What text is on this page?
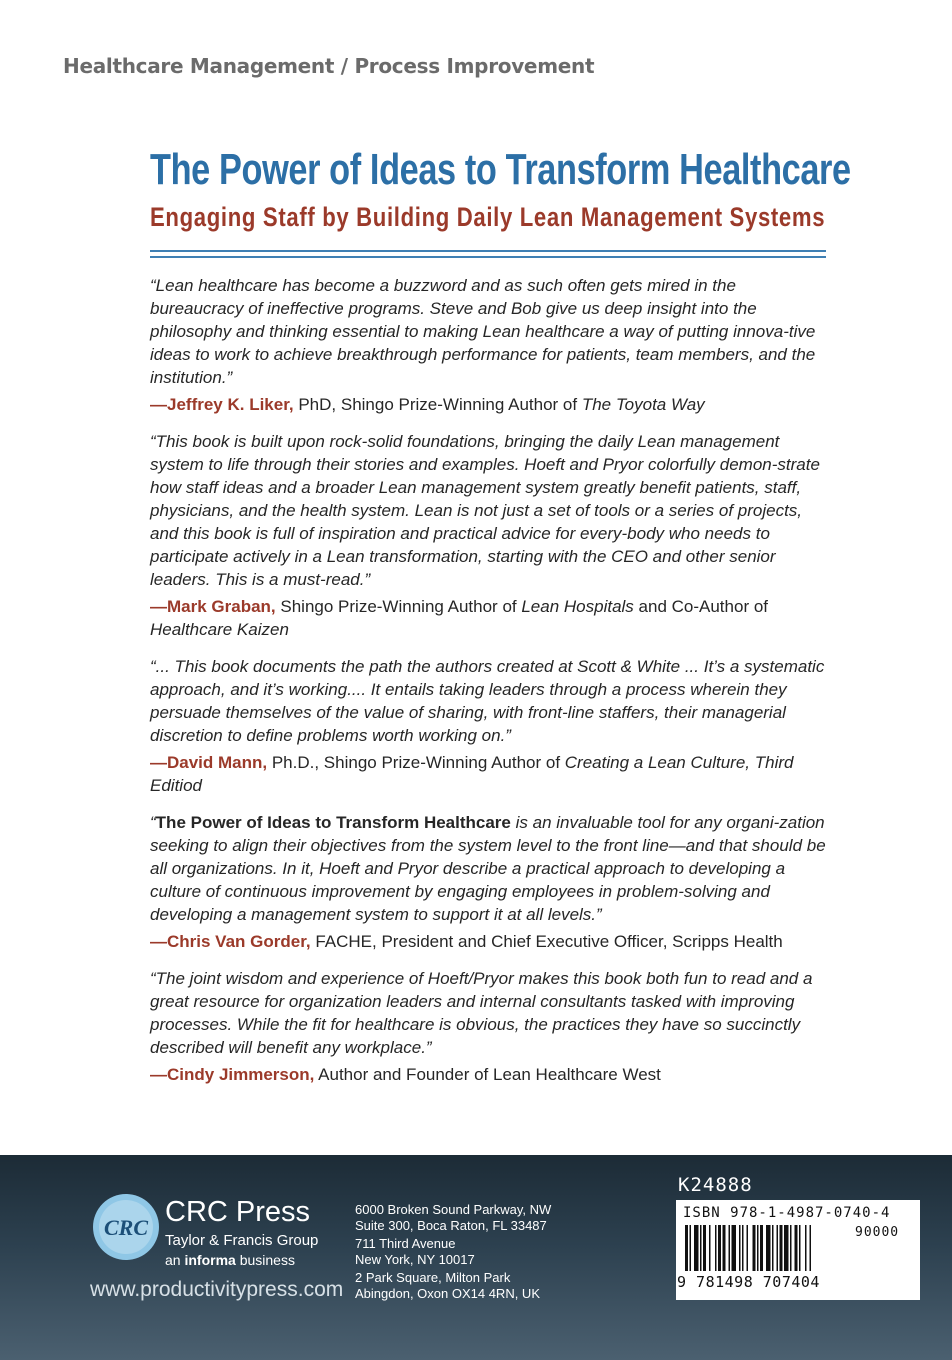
Healthcare Management / Process Improvement
The Power of Ideas to Transform Healthcare
Engaging Staff by Building Daily Lean Management Systems
“Lean healthcare has become a buzzword and as such often gets mired in the bureaucracy of ineffective programs. Steve and Bob give us deep insight into the philosophy and thinking essential to making Lean healthcare a way of putting innova-tive ideas to work to achieve breakthrough performance for patients, team members, and the institution.”
—Jeffrey K. Liker, PhD, Shingo Prize-Winning Author of The Toyota Way
“This book is built upon rock-solid foundations, bringing the daily Lean management system to life through their stories and examples. Hoeft and Pryor colorfully demon-strate how staff ideas and a broader Lean management system greatly benefit patients, staff, physicians, and the health system. Lean is not just a set of tools or a series of projects, and this book is full of inspiration and practical advice for every-body who needs to participate actively in a Lean transformation, starting with the CEO and other senior leaders. This is a must-read.”
—Mark Graban, Shingo Prize-Winning Author of Lean Hospitals and Co-Author of Healthcare Kaizen
“... This book documents the path the authors created at Scott & White ... It’s a systematic approach, and it’s working.... It entails taking leaders through a process wherein they persuade themselves of the value of sharing, with front-line staffers, their managerial discretion to define problems worth working on.”
—David Mann, Ph.D., Shingo Prize-Winning Author of Creating a Lean Culture, Third Editiod
“The Power of Ideas to Transform Healthcare is an invaluable tool for any organi-zation seeking to align their objectives from the system level to the front line—and that should be all organizations. In it, Hoeft and Pryor describe a practical approach to developing a culture of continuous improvement by engaging employees in problem-solving and developing a management system to support it at all levels.”
—Chris Van Gorder, FACHE, President and Chief Executive Officer, Scripps Health
“The joint wisdom and experience of Hoeft/Pryor makes this book both fun to read and a great resource for organization leaders and internal consultants tasked with improving processes. While the fit for healthcare is obvious, the practices they have so succinctly described will benefit any workplace.”
—Cindy Jimmerson, Author and Founder of Lean Healthcare West
CRC CRC Press
Taylor & Francis Group
an informa business
www.productivitypress.com
6000 Broken Sound Parkway, NW
Suite 300, Boca Raton, FL 33487
711 Third Avenue
New York, NY 10017
2 Park Square, Milton Park
Abingdon, Oxon OX14 4RN, UK
K24888
ISBN 978-1-4987-0740-4
90000
9 781498 707404
